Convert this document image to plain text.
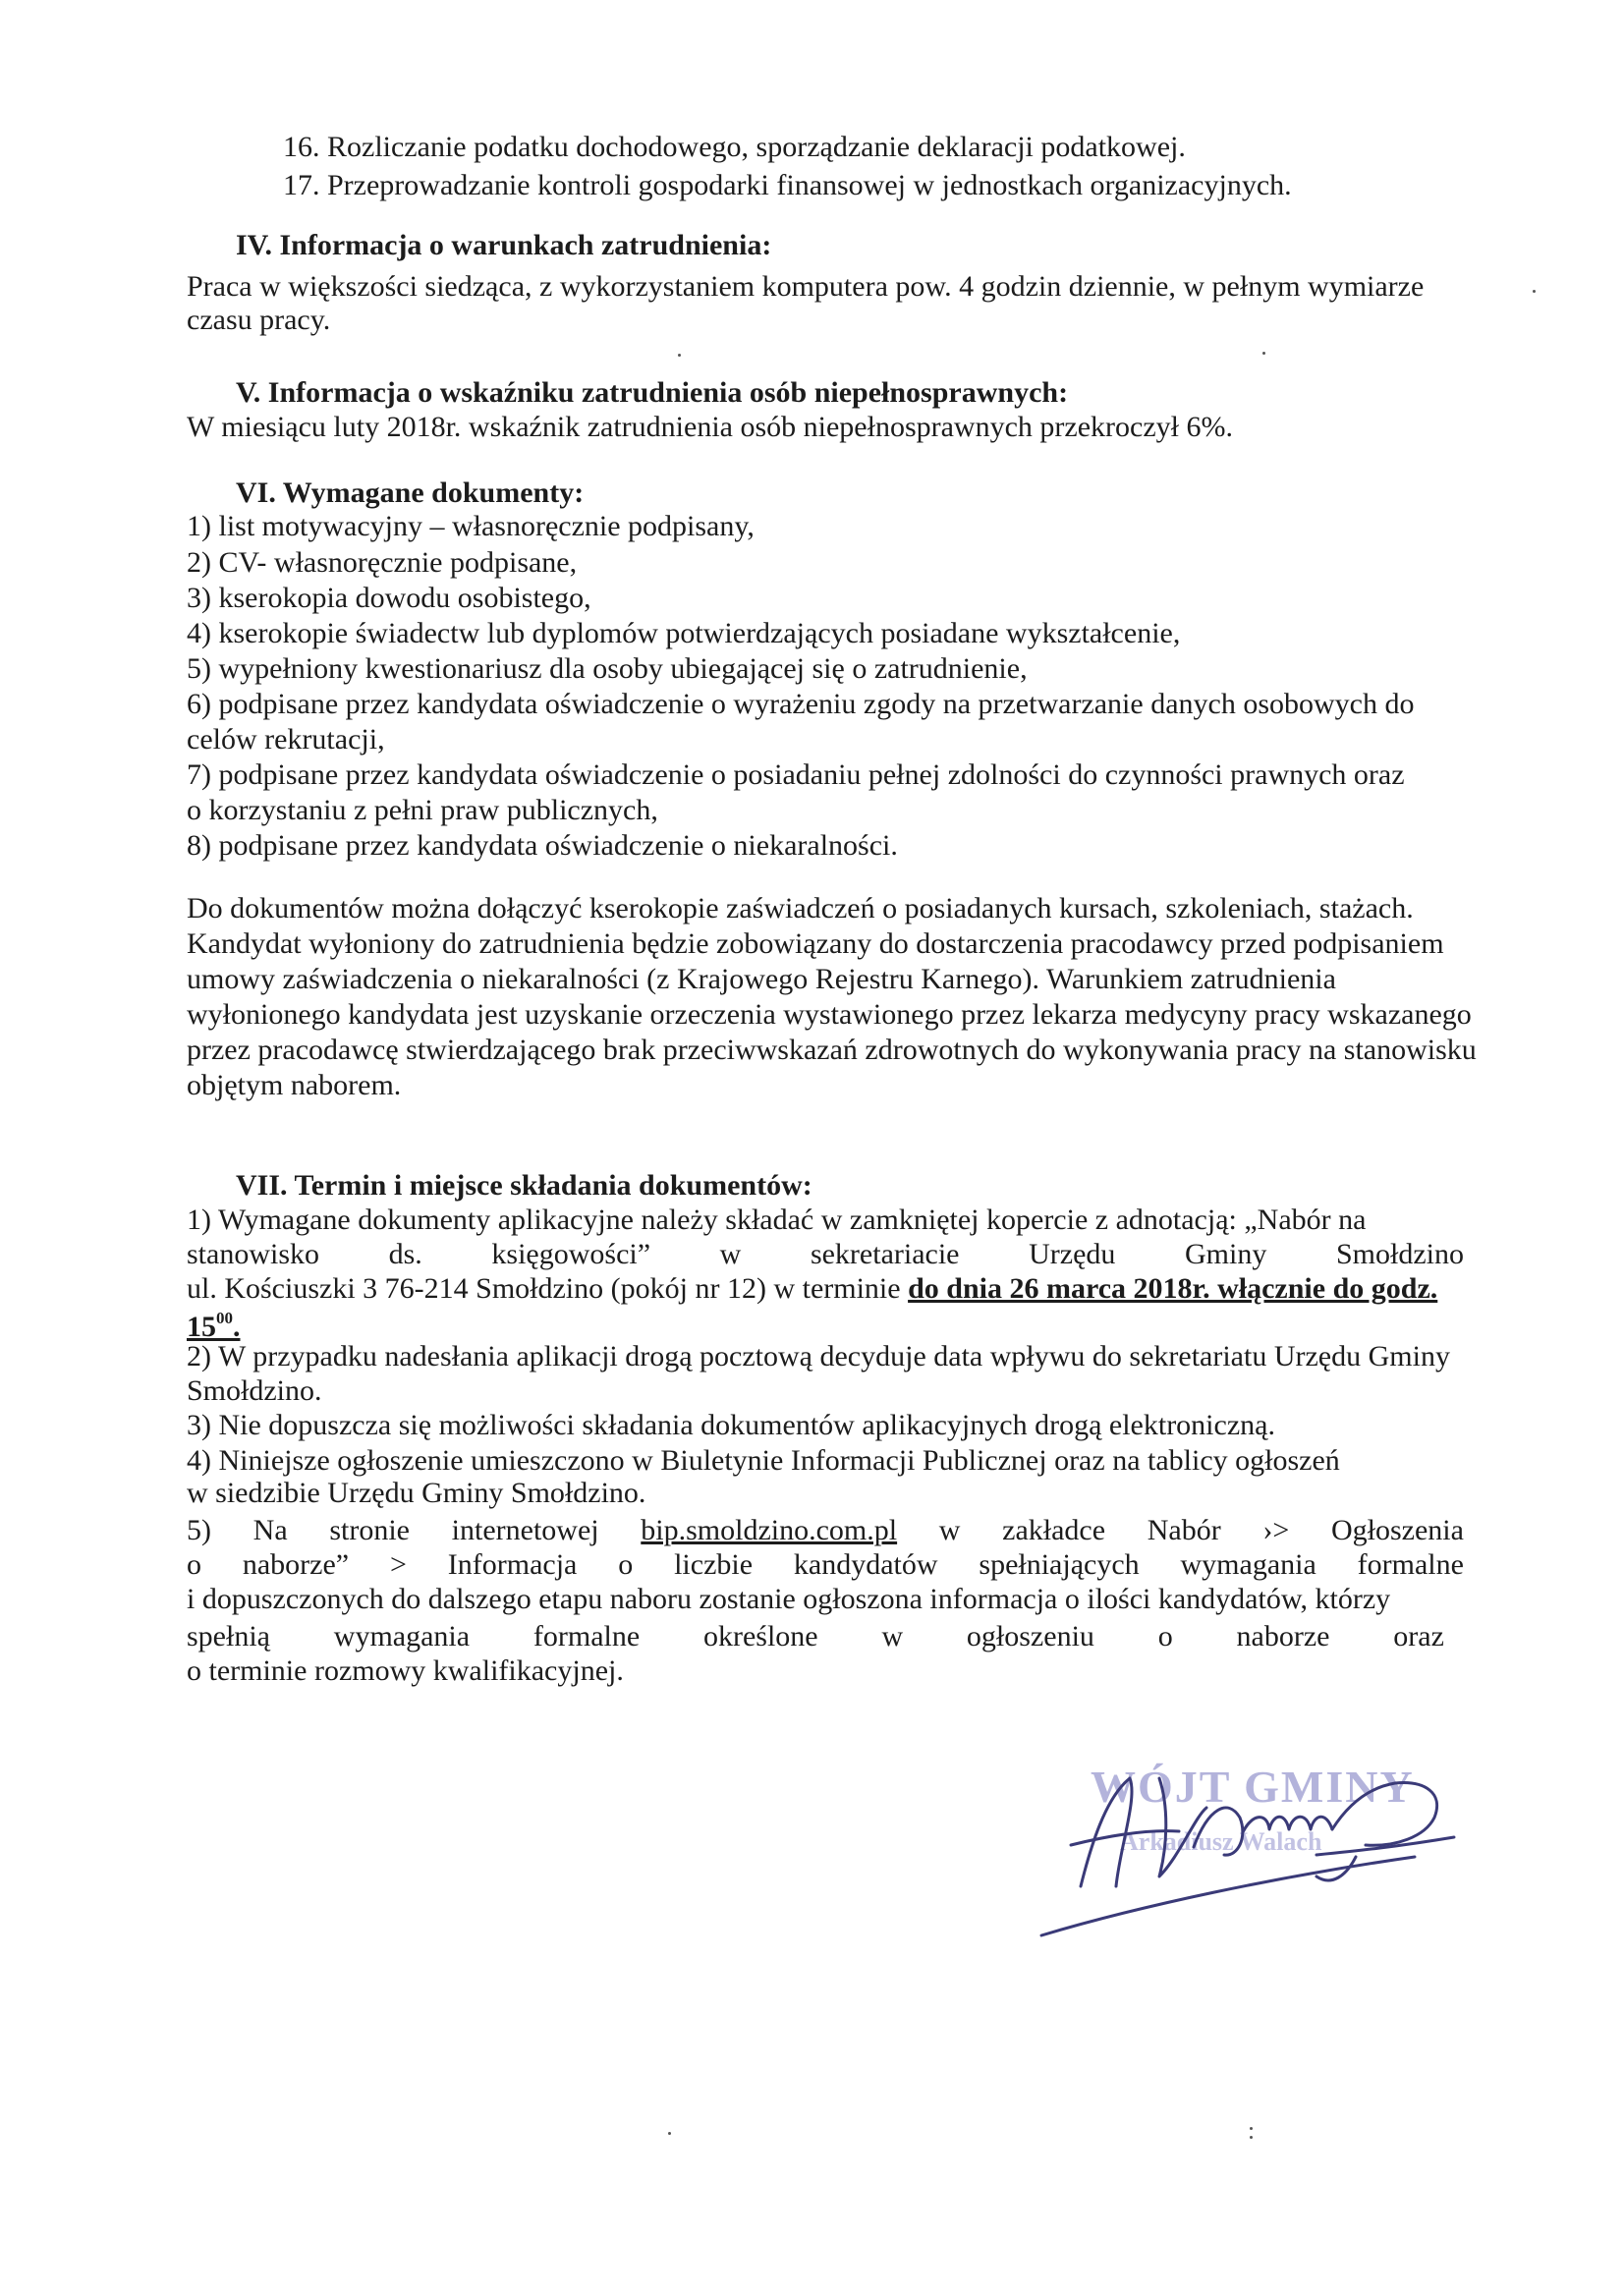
16. Rozliczanie podatku dochodowego, sporządzanie deklaracji podatkowej.
17. Przeprowadzanie kontroli gospodarki finansowej w jednostkach organizacyjnych.
IV. Informacja o warunkach zatrudnienia:
Praca w większości siedząca, z wykorzystaniem komputera pow. 4 godzin dziennie, w pełnym wymiarze
czasu pracy.
V. Informacja o wskaźniku zatrudnienia osób niepełnosprawnych:
W miesiącu luty 2018r. wskaźnik zatrudnienia osób niepełnosprawnych przekroczył 6%.
VI. Wymagane dokumenty:
1) list motywacyjny – własnoręcznie podpisany,
2) CV- własnoręcznie podpisane,
3) kserokopia dowodu osobistego,
4) kserokopie świadectw lub dyplomów potwierdzających posiadane wykształcenie,
5) wypełniony kwestionariusz dla osoby ubiegającej się o zatrudnienie,
6) podpisane przez kandydata oświadczenie o wyrażeniu zgody na przetwarzanie danych osobowych do
celów rekrutacji,
7) podpisane przez kandydata oświadczenie o posiadaniu pełnej zdolności do czynności prawnych oraz
o korzystaniu z pełni praw publicznych,
8) podpisane przez kandydata oświadczenie o niekaralności.
Do dokumentów można dołączyć kserokopie zaświadczeń o posiadanych kursach, szkoleniach, stażach.
Kandydat wyłoniony do zatrudnienia będzie zobowiązany do dostarczenia pracodawcy przed podpisaniem
umowy zaświadczenia o niekaralności (z Krajowego Rejestru Karnego). Warunkiem zatrudnienia
wyłonionego kandydata jest uzyskanie orzeczenia wystawionego przez lekarza medycyny pracy wskazanego
przez pracodawcę stwierdzającego brak przeciwwskazań zdrowotnych do wykonywania pracy na stanowisku
objętym naborem.
VII. Termin i miejsce składania dokumentów:
1) Wymagane dokumenty aplikacyjne należy składać w zamkniętej kopercie z adnotacją: „Nabór na
stanowisko ds. księgowości” w sekretariacie Urzędu Gminy Smołdzino
ul. Kościuszki 3 76-214 Smołdzino (pokój nr 12) w terminie do dnia 26 marca 2018r. włącznie do godz.
$15^{00}$.
2) W przypadku nadesłania aplikacji drogą pocztową decyduje data wpływu do sekretariatu Urzędu Gminy
Smołdzino.
3) Nie dopuszcza się możliwości składania dokumentów aplikacyjnych drogą elektroniczną.
4) Niniejsze ogłoszenie umieszczono w Biuletynie Informacji Publicznej oraz na tablicy ogłoszeń
w siedzibie Urzędu Gminy Smołdzino.
5) Na stronie internetowej bip.smoldzino.com.pl w zakładce Nabór ›> Ogłoszenia
o naborze” > Informacja o liczbie kandydatów spełniających wymagania formalne
i dopuszczonych do dalszego etapu naboru zostanie ogłoszona informacja o ilości kandydatów, którzy
spełnią wymagania formalne określone w ogłoszeniu o naborze oraz
o terminie rozmowy kwalifikacyjnej.
WÓJT GMINY
Arkadiusz Walach
